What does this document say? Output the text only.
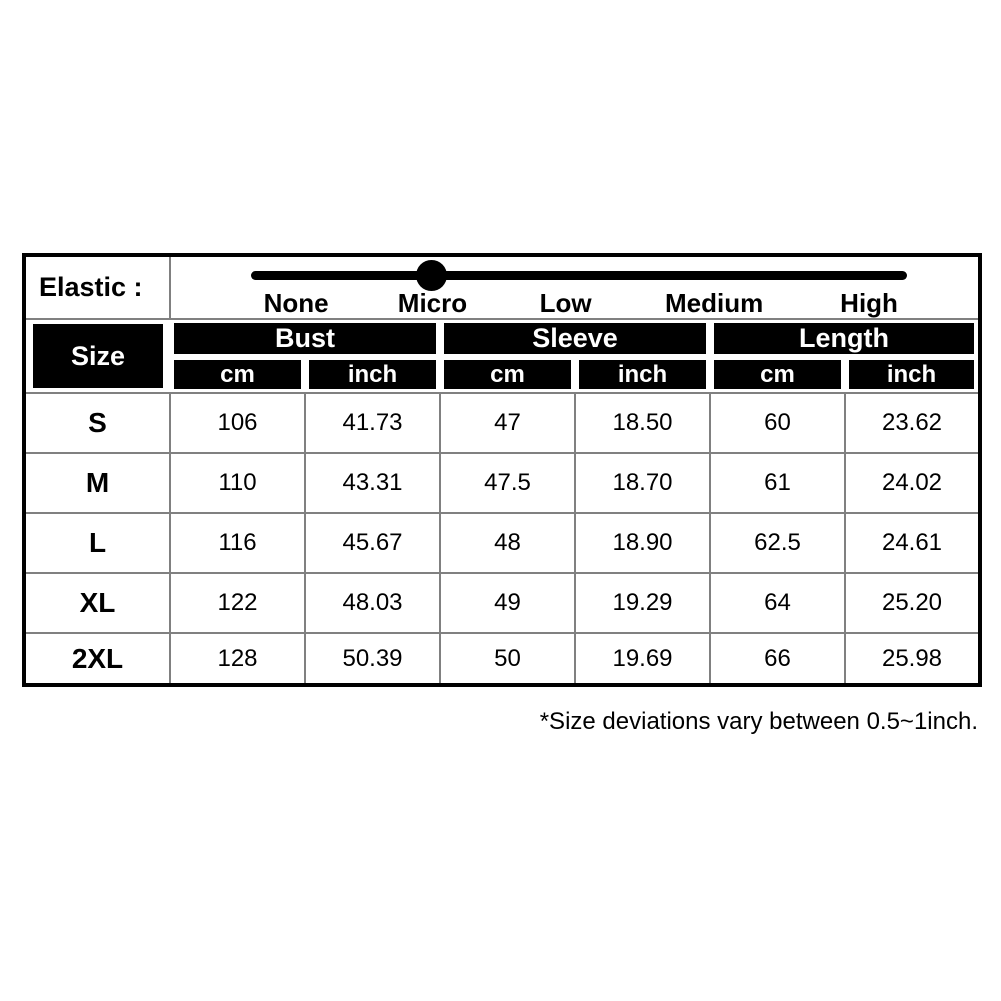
Elastic :	None Micro Low Medium High					

Size	Bust		Sleeve		Length	

cm	inch	cm	inch	cm	inch

S	106	41.73	47	18.50	60	23.62
M	110	43.31	47.5	18.70	61	24.02
L	116	45.67	48	18.90	62.5	24.61
XL	122	48.03	49	19.29	64	25.20
2XL	128	50.39	50	19.69	66	25.98
*Size deviations vary between 0.5~1inch.
